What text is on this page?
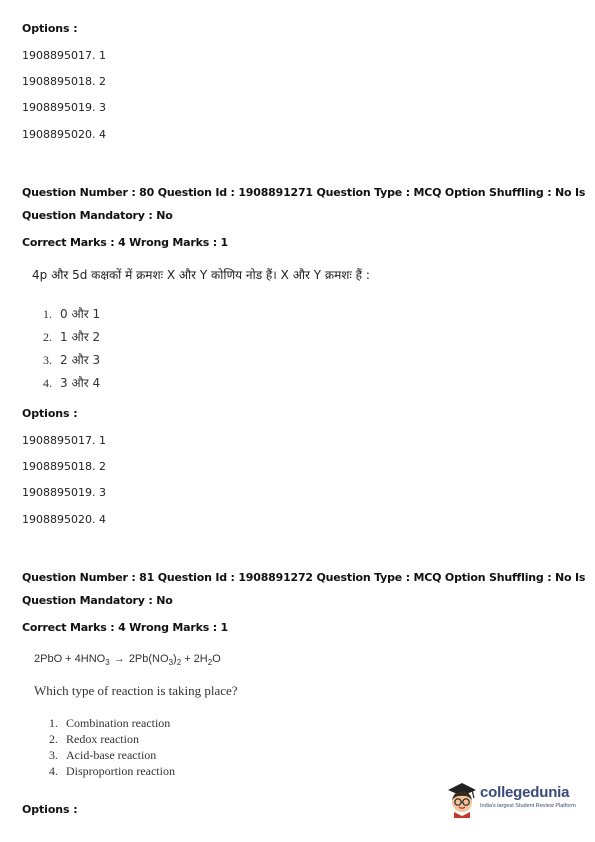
Options :
1908895017. 1
1908895018. 2
1908895019. 3
1908895020. 4
Question Number : 80 Question Id : 1908891271 Question Type : MCQ Option Shuffling : No Is
Question Mandatory : No
Correct Marks : 4 Wrong Marks : 1
4p और 5d कक्षकों में क्रमशः X और Y कोणिय नोड हैं। X और Y क्रमशः हैं :
1. 0 और 1
2. 1 और 2
3. 2 और 3
4. 3 और 4
Options :
1908895017. 1
1908895018. 2
1908895019. 3
1908895020. 4
Question Number : 81 Question Id : 1908891272 Question Type : MCQ Option Shuffling : No Is
Question Mandatory : No
Correct Marks : 4 Wrong Marks : 1
$2PbO + 4HNO_3 \to 2Pb(NO_3)_2 + 2H_2O$
Which type of reaction is taking place?
1. Combination reaction
2. Redox reaction
3. Acid-base reaction
4. Disproportion reaction
Options :
collegedunia
India's largest Student Review Platform
